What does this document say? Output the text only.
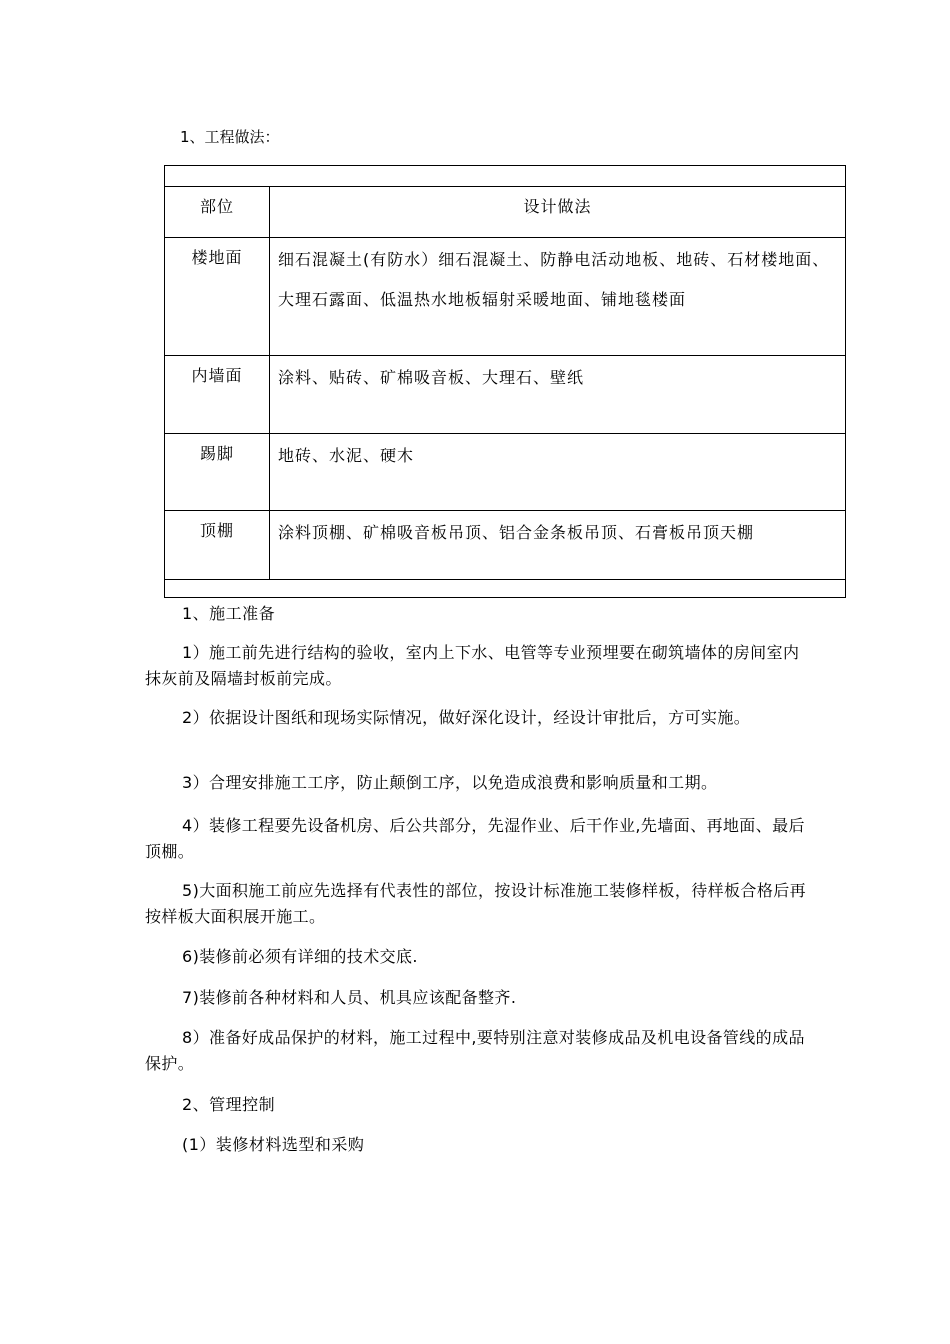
1、工程做法：
部位	设计做法
楼地面	细石混凝土(有防水）细石混凝土、防静电活动地板、地砖、石材楼地面、大理石露面、低温热水地板辐射采暖地面、铺地毯楼面
内墙面	涂料、贴砖、矿棉吸音板、大理石、壁纸
踢脚	地砖、水泥、硬木
顶棚	涂料顶棚、矿棉吸音板吊顶、铝合金条板吊顶、石膏板吊顶天棚
1、施工准备
1）施工前先进行结构的验收，室内上下水、电管等专业预埋要在砌筑墙体的房间室内抹灰前及隔墙封板前完成。
2）依据设计图纸和现场实际情况，做好深化设计，经设计审批后，方可实施。
3）合理安排施工工序，防止颠倒工序，以免造成浪费和影响质量和工期。
4）装修工程要先设备机房、后公共部分，先湿作业、后干作业,先墙面、再地面、最后顶棚。
5)大面积施工前应先选择有代表性的部位，按设计标准施工装修样板，待样板合格后再按样板大面积展开施工。
6)装修前必须有详细的技术交底.
7)装修前各种材料和人员、机具应该配备整齐.
8）准备好成品保护的材料，施工过程中,要特别注意对装修成品及机电设备管线的成品保护。
2、管理控制
(1）装修材料选型和采购
